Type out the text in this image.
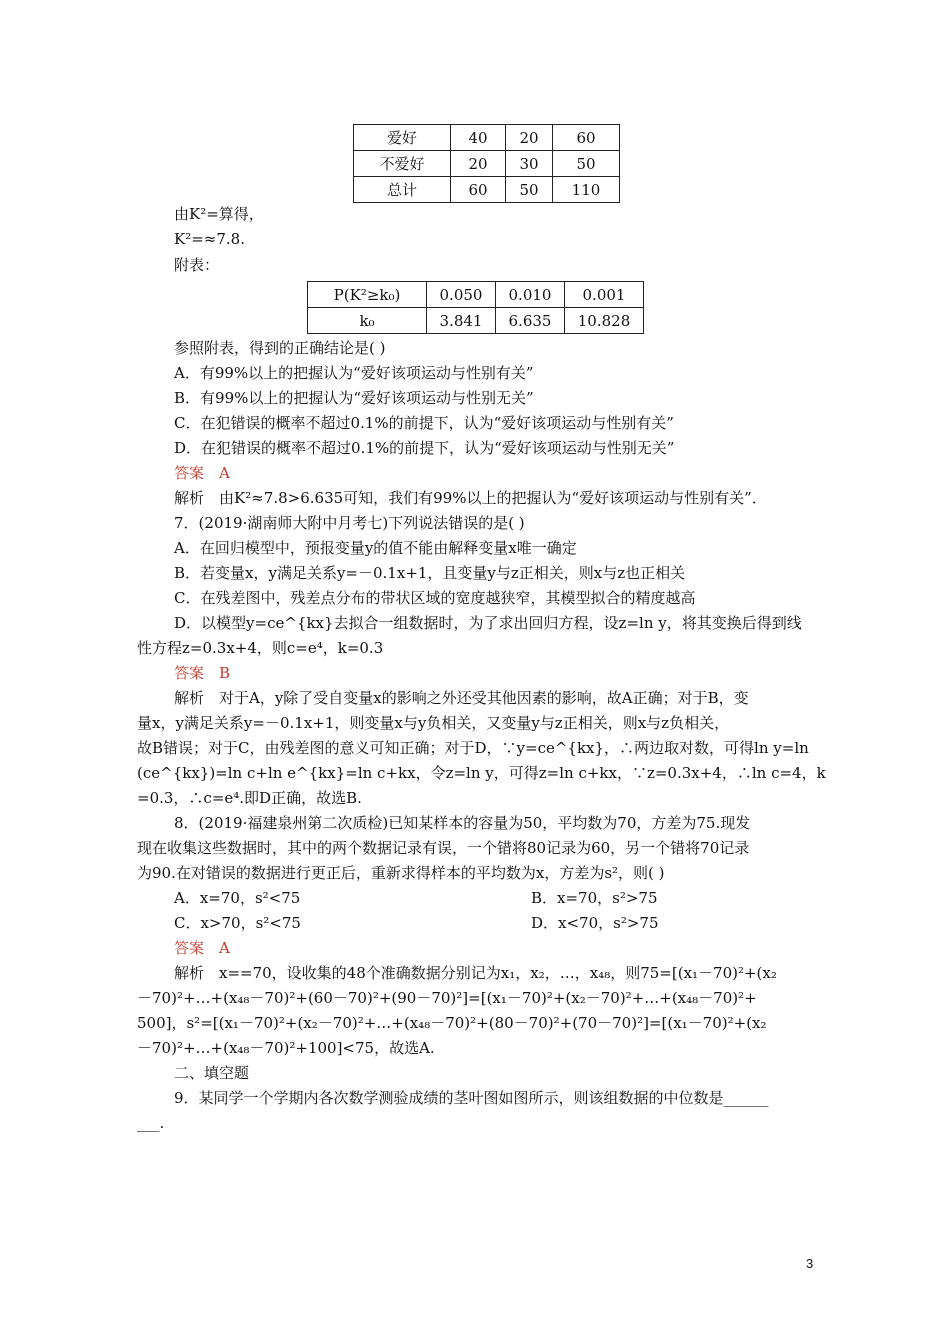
爱好	40	20	60
不爱好	20	30	50
总计	60	50	110
由K²=算得，
K²=≈7.8.
附表：
P(K²≥k₀)	0.050	0.010	0.001
k₀	3.841	6.635	10.828
参照附表，得到的正确结论是( )
A．有99%以上的把握认为“爱好该项运动与性别有关”
B．有99%以上的把握认为“爱好该项运动与性别无关”
C．在犯错误的概率不超过0.1%的前提下，认为“爱好该项运动与性别有关”
D．在犯错误的概率不超过0.1%的前提下，认为“爱好该项运动与性别无关”
答案　A
解析　由K²≈7.8>6.635可知，我们有99%以上的把握认为“爱好该项运动与性别有关”．
7．(2019·湖南师大附中月考七)下列说法错误的是( )
A．在回归模型中，预报变量y的值不能由解释变量x唯一确定
B．若变量x，y满足关系y=－0.1x+1，且变量y与z正相关，则x与z也正相关
C．在残差图中，残差点分布的带状区域的宽度越狭窄，其模型拟合的精度越高
D．以模型y=ce^{kx}去拟合一组数据时，为了求出回归方程，设z=ln y，将其变换后得到线
性方程z=0.3x+4，则c=e⁴，k=0.3
答案　B
解析　对于A，y除了受自变量x的影响之外还受其他因素的影响，故A正确；对于B，变
量x，y满足关系y=－0.1x+1，则变量x与y负相关，又变量y与z正相关，则x与z负相关，
故B错误；对于C，由残差图的意义可知正确；对于D，∵y=ce^{kx}，∴两边取对数，可得ln y=ln
(ce^{kx})=ln c+ln e^{kx}=ln c+kx，令z=ln y，可得z=ln c+kx，∵z=0.3x+4，∴ln c=4，k
=0.3，∴c=e⁴.即D正确，故选B.
8．(2019·福建泉州第二次质检)已知某样本的容量为50，平均数为70，方差为75.现发
现在收集这些数据时，其中的两个数据记录有误，一个错将80记录为60，另一个错将70记录
为90.在对错误的数据进行更正后，重新求得样本的平均数为x，方差为s²，则( )
A．x=70，s²<75	B．x=70，s²>75
C．x>70，s²<75	D．x<70，s²>75
答案　A
解析　x==70，设收集的48个准确数据分别记为x₁，x₂，…，x₄₈，则75=[(x₁－70)²+(x₂
－70)²+…+(x₄₈－70)²+(60－70)²+(90－70)²]=[(x₁－70)²+(x₂－70)²+…+(x₄₈－70)²+
500]，s²=[(x₁－70)²+(x₂－70)²+…+(x₄₈－70)²+(80－70)²+(70－70)²]=[(x₁－70)²+(x₂
－70)²+…+(x₄₈－70)²+100]<75，故选A.
二、填空题
9．某同学一个学期内各次数学测验成绩的茎叶图如图所示，则该组数据的中位数是______
___.
3
